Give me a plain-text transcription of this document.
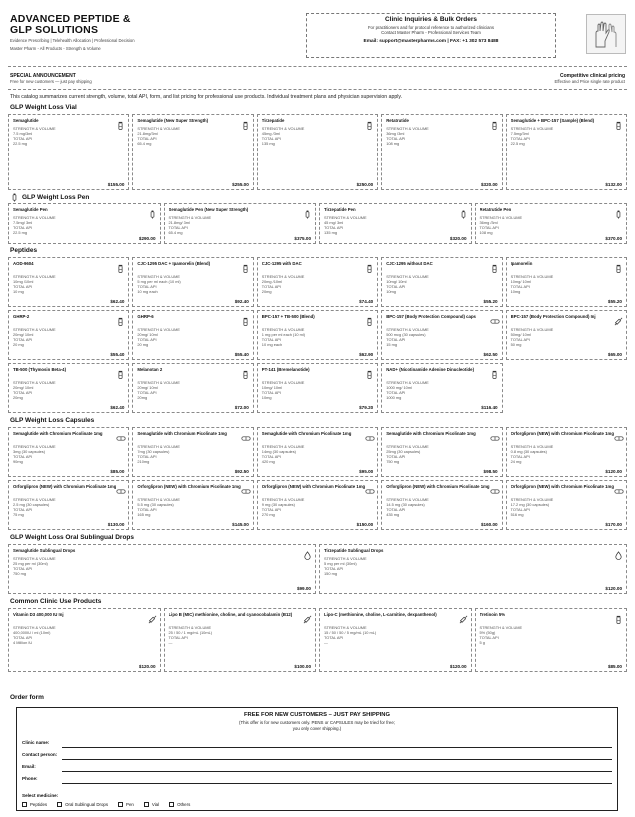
ADVANCED PEPTIDE &
GLP SOLUTIONS
Evidence Prescribing | Telehealth Allocation | Professional Decision
Master Pharm - All Products - Strength & Volume
Clinic Inquiries & Bulk Orders
For practitioners and for protocol reference to authorized clinicians
Contact Master Pharm - Professional Services Team
Email: support@masterpharms.com | FAX: +1 302 573 8488
SPECIAL ANNOUNCEMENT
Free for new customers — just pay shipping
Competitive clinical pricing
Effective and Price single rate product
This catalog summarizes current strength, volume, total API, form, and list pricing for professional use products. Individual treatment plans and physician supervision apply.
GLP Weight Loss Vial
Semaglutide
STRENGTH & VOLUME
7.5 mg/3ml
TOTAL API
22.5 mg
$155.00
Semaglutide (New Super Strength)
STRENGTH & VOLUME
21.8mg/3ml
TOTAL API
65.4 mg
$255.00
Tirzepatide
STRENGTH & VOLUME
45mg /3ml
TOTAL API
135 mg
$250.00
Retatrutide
STRENGTH & VOLUME
36mg /3ml
TOTAL API
108 mg
$320.00
Semaglutide + BPC-157 (Sample) (Blend)
STRENGTH & VOLUME
7.5mg/3ml
TOTAL API
22.5 mg
$132.00
GLP Weight Loss Pen
Semaglutide Pen
STRENGTH & VOLUME
7.5mg/ 3ml
TOTAL API
22.5 mg
$290.00
Semaglutide Pen (New Super Strength)
STRENGTH & VOLUME
21.8mg/ 3ml
TOTAL API
65.4 mg
$375.00
Tirzepatide Pen
STRENGTH & VOLUME
45 mg/ 3ml
TOTAL API
135 mg
$320.00
Retatrutide Pen
STRENGTH & VOLUME
36mg /3ml
TOTAL API
108 mg
$370.00
Peptides
AOD-9604
STRENGTH & VOLUME
10mg /10ml
TOTAL API
10 mg
$62.40
CJC-1295 DAC + Ipamorelin (Blend)
STRENGTH & VOLUME
5 mg per ml each (10 ml)
TOTAL API
10 mg each
$92.40
CJC-1295 with DAC
STRENGTH & VOLUME
20mg /10ml
TOTAL API
20mg
$74.40
CJC-1295 without DAC
STRENGTH & VOLUME
10mg/ 10ml
TOTAL API
10mg
$55.20
Ipamorelin
STRENGTH & VOLUME
10mg/ 10ml
TOTAL API
10mg
$55.20
GHRP-2
STRENGTH & VOLUME
20mg/ 10ml
TOTAL API
20 mg
$55.40
GHRP-6
STRENGTH & VOLUME
20mg/ 10ml
TOTAL API
20 mg
$55.40
BPC-157 + TB-500 (Blend)
STRENGTH & VOLUME
1 mg per ml each (10 ml)
TOTAL API
10 mg each
$62.90
BPC-157 (Body Protection Compound) caps
STRENGTH & VOLUME
500 mcg (30 capsules)
TOTAL API
15 mg
$62.50
BPC-157 (Body Protection Compound) Inj
STRENGTH & VOLUME
50mg/ 10ml
TOTAL API
50 mg
$65.00
TB-500 (Thymosin Beta-4)
STRENGTH & VOLUME
20mg/ 10ml
TOTAL API
20mg
$62.40
Melanotan 2
STRENGTH & VOLUME
20mg/ 10ml
TOTAL API
20mg
$72.00
PT-141 (Bremelanotide)
STRENGTH & VOLUME
10mg/ 10ml
TOTAL API
10mg
$79.20
NAD+ (Nicotinamide Adenine Dinucleotide)
STRENGTH & VOLUME
1000 mg/ 10ml
TOTAL API
1000 mg
$116.40
GLP Weight Loss Capsules
Semaglutide with Chromium Picolinate 1mg
STRENGTH & VOLUME
3mg (30 capsules)
TOTAL API
90mg
$85.00
Semaglutide with Chromium Picolinate 1mg
STRENGTH & VOLUME
7mg (30 capsules)
TOTAL API
210mg
$92.50
Semaglutide with Chromium Picolinate 1mg
STRENGTH & VOLUME
14mg (30 capsules)
TOTAL API
420 mg
$95.00
Semaglutide with Chromium Picolinate 1mg
STRENGTH & VOLUME
25mg (30 capsules)
TOTAL API
750 mg
$98.50
Orforglipron (NEW) with Chromium Picolinate 1mg
STRENGTH & VOLUME
0.8 mg (30 capsules)
TOTAL API
24 mg
$120.00
Orforglipron (NEW) with Chromium Picolinate 1mg
STRENGTH & VOLUME
2.5 mg (30 capsules)
TOTAL API
75 mg
$130.00
Orforglipron (NEW) with Chromium Picolinate 1mg
STRENGTH & VOLUME
5.5 mg (30 capsules)
TOTAL API
165 mg
$145.00
Orforglipron (NEW) with Chromium Picolinate 1mg
STRENGTH & VOLUME
9 mg (30 capsules)
TOTAL API
270 mg
$150.00
Orforglipron (NEW) with Chromium Picolinate 1mg
STRENGTH & VOLUME
14.5 mg (30 capsules)
TOTAL API
435 mg
$160.00
Orforglipron (NEW) with Chromium Picolinate 1mg
STRENGTH & VOLUME
17.2 mg (30 capsules)
TOTAL API
516 mg
$170.00
GLP Weight Loss Oral Sublingual Drops
Semaglutide Sublingual Drops
STRENGTH & VOLUME
25 mg per ml (30ml)
TOTAL API
750 mg
$99.00
Tirzepatide Sublingual Drops
STRENGTH & VOLUME
5 mg per ml (30ml)
TOTAL API
150 mg
$120.00
Common Clinic Use Products
Vitamin D3 400,000 IU Inj
STRENGTH & VOLUME
400,000IU / ml (10ml)
TOTAL API
4 Million IU
$120.00
Lipo B (MIC) methionine, choline, and cyanocobalamin (B12)
STRENGTH & VOLUME
25 / 50 / 1 mg/mL (10mL)
TOTAL API
—
$100.00
Lipo-C (methionine, choline, L-carnitine, dexpanthenol)
STRENGTH & VOLUME
15 / 50 / 50 / 5 mg/mL (10 mL)
TOTAL API
—
$120.00
Tretinoin 5%
STRENGTH & VOLUME
5% (50g)
TOTAL API
5 g
$85.00
Order form
FREE FOR NEW CUSTOMERS – JUST PAY SHIPPING
(This offer is for new customers only. PENS or CAPSULES may be tried for free;
you only cover shipping.)
Clinic name:
Contact person:
Email:
Phone:
Select medicine:
Peptides	Oral Sublingual Drops	Pen	Vial	Others
